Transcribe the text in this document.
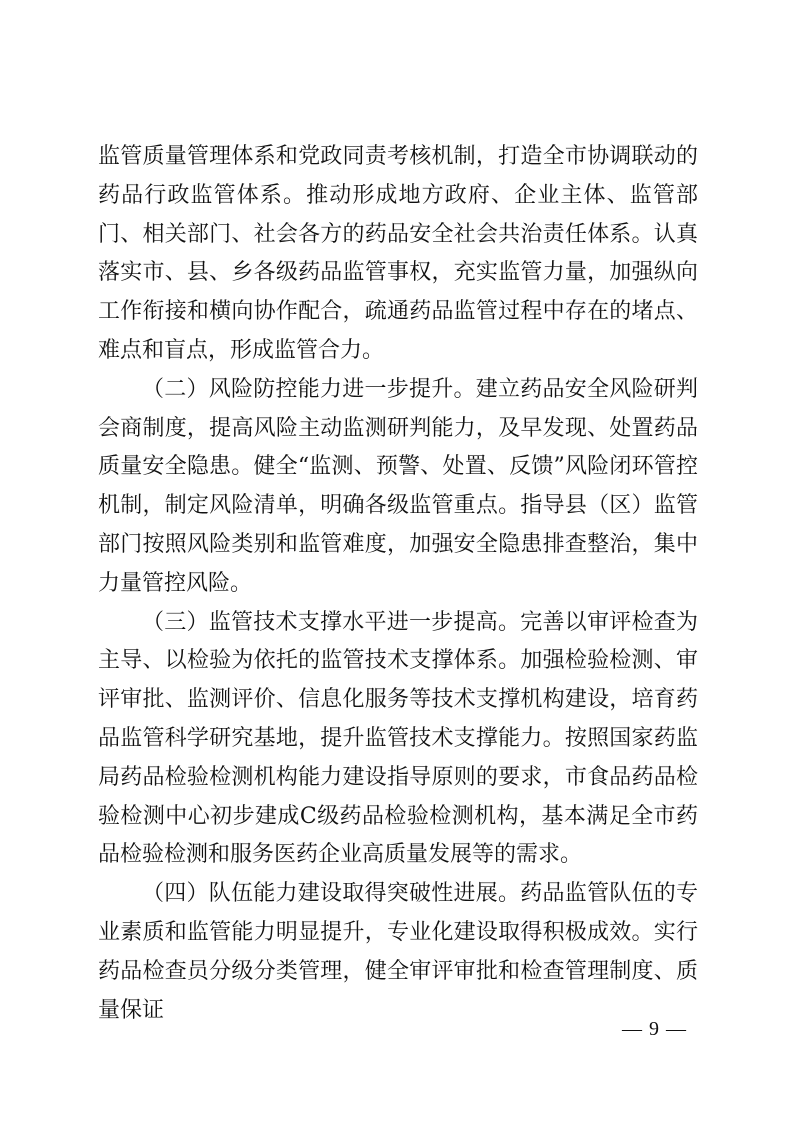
监管质量管理体系和党政同责考核机制，打造全市协调联动的药品行政监管体系。推动形成地方政府、企业主体、监管部门、相关部门、社会各方的药品安全社会共治责任体系。认真落实市、县、乡各级药品监管事权，充实监管力量，加强纵向工作衔接和横向协作配合，疏通药品监管过程中存在的堵点、难点和盲点，形成监管合力。

（二）风险防控能力进一步提升。建立药品安全风险研判会商制度，提高风险主动监测研判能力，及早发现、处置药品质量安全隐患。健全“监测、预警、处置、反馈”风险闭环管控机制，制定风险清单，明确各级监管重点。指导县（区）监管部门按照风险类别和监管难度，加强安全隐患排查整治，集中力量管控风险。

（三）监管技术支撑水平进一步提高。完善以审评检查为主导、以检验为依托的监管技术支撑体系。加强检验检测、审评审批、监测评价、信息化服务等技术支撑机构建设，培育药品监管科学研究基地，提升监管技术支撑能力。按照国家药监局药品检验检测机构能力建设指导原则的要求，市食品药品检验检测中心初步建成C级药品检验检测机构，基本满足全市药品检验检测和服务医药企业高质量发展等的需求。

（四）队伍能力建设取得突破性进展。药品监管队伍的专业素质和监管能力明显提升，专业化建设取得积极成效。实行药品检查员分级分类管理，健全审评审批和检查管理制度、质量保证

— 9 —
